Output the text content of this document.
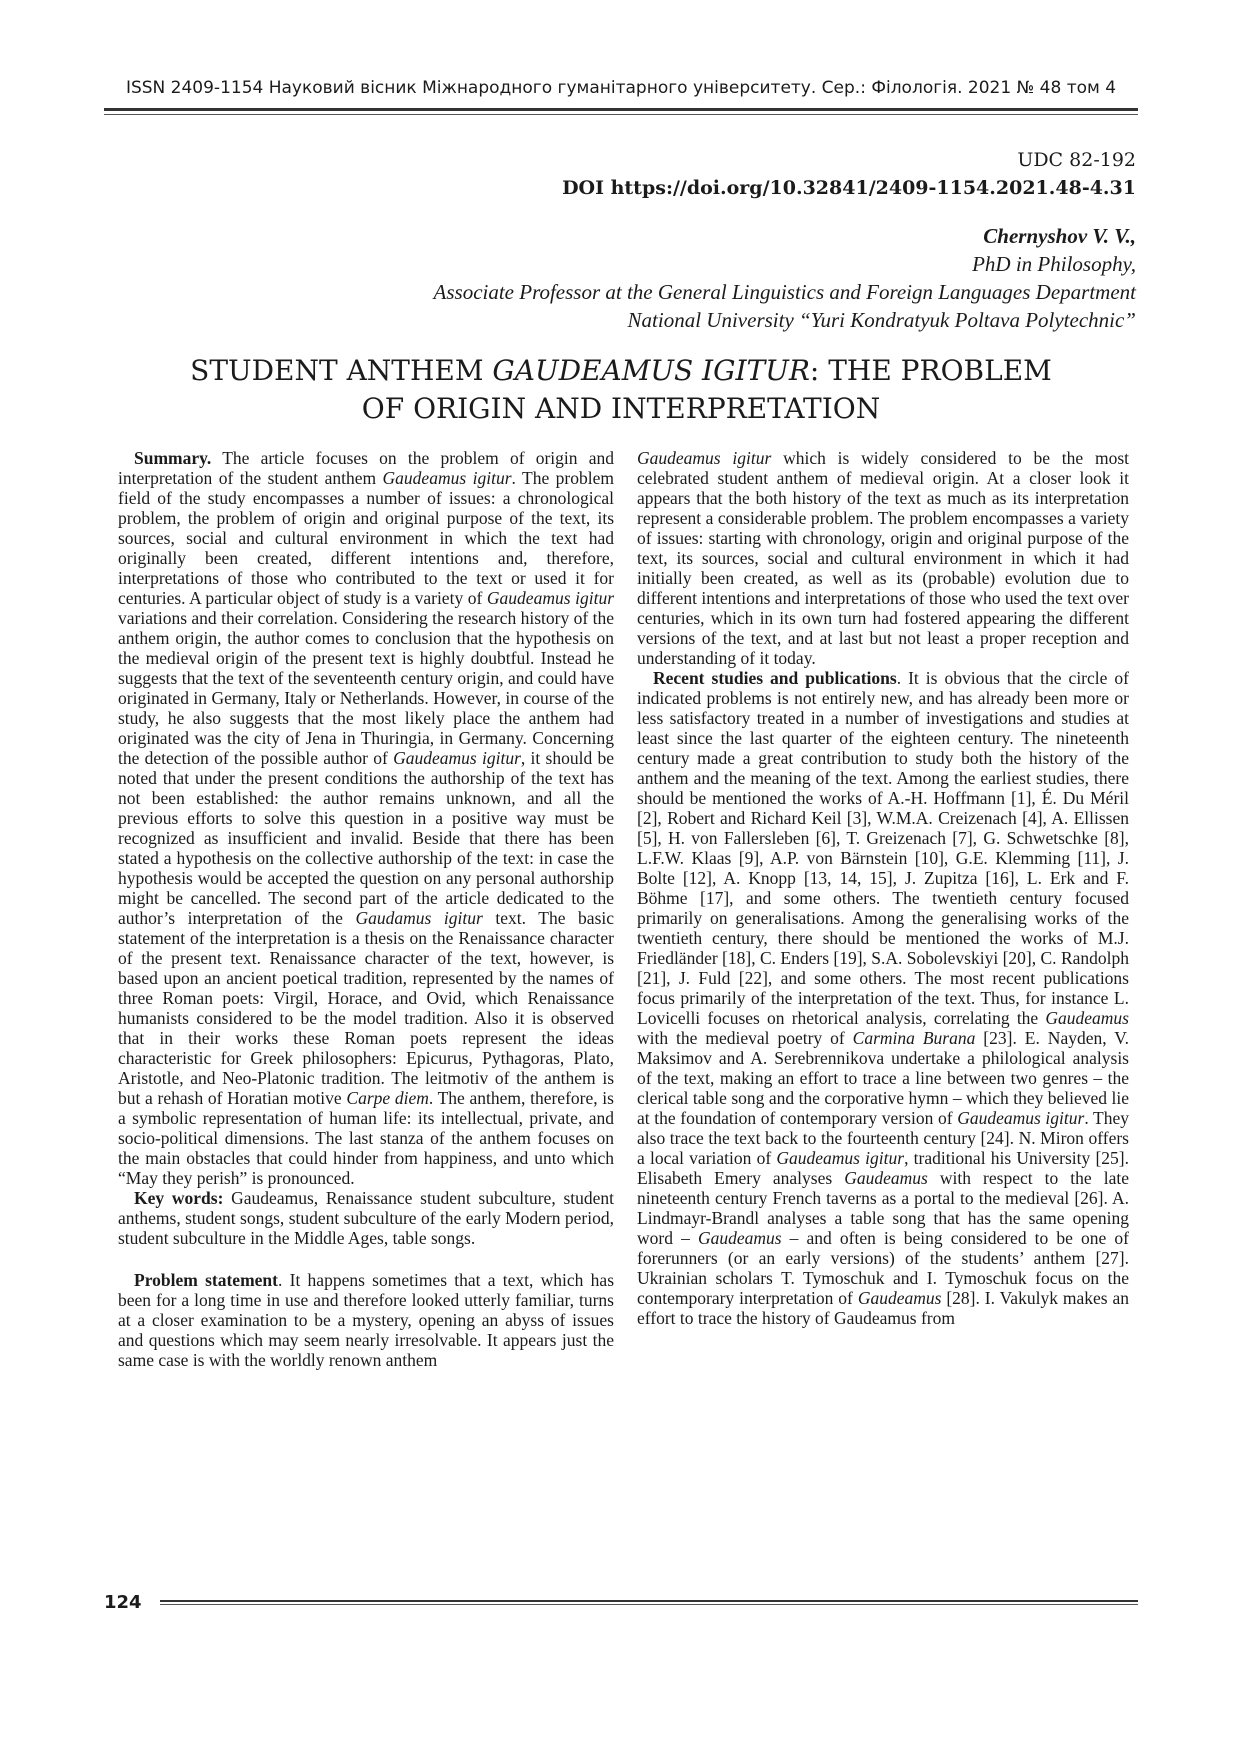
ISSN 2409-1154 Науковий вісник Міжнародного гуманітарного університету. Сер.: Філологія. 2021 № 48 том 4
UDC 82-192
DOI https://doi.org/10.32841/2409-1154.2021.48-4.31
Chernyshov V. V.,
PhD in Philosophy,
Associate Professor at the General Linguistics and Foreign Languages Department
National University “Yuri Kondratyuk Poltava Polytechnic”
STUDENT ANTHEM GAUDEAMUS IGITUR: THE PROBLEM
OF ORIGIN AND INTERPRETATION

Summary. The article focuses on the problem of origin and interpretation of the student anthem Gaudeamus igitur. The problem field of the study encompasses a number of issues: a chronological problem, the problem of origin and original purpose of the text, its sources, social and cultural environment in which the text had originally been created, different intentions and, therefore, interpretations of those who contributed to the text or used it for centuries. A particular object of study is a variety of Gaudeamus igitur variations and their correlation. Considering the research history of the anthem origin, the author comes to conclusion that the hypothesis on the medieval origin of the present text is highly doubtful. Instead he suggests that the text of the seventeenth century origin, and could have originated in Germany, Italy or Netherlands. However, in course of the study, he also suggests that the most likely place the anthem had originated was the city of Jena in Thuringia, in Germany. Concerning the detection of the possible author of Gaudeamus igitur, it should be noted that under the present conditions the authorship of the text has not been established: the author remains unknown, and all the previous efforts to solve this question in a positive way must be recognized as insufficient and invalid. Beside that there has been stated a hypothesis on the collective authorship of the text: in case the hypothesis would be accepted the question on any personal authorship might be cancelled. The second part of the article dedicated to the author’s interpretation of the Gaudamus igitur text. The basic statement of the interpretation is a thesis on the Renaissance character of the present text. Renaissance character of the text, however, is based upon an ancient poetical tradition, represented by the names of three Roman poets: Virgil, Horace, and Ovid, which Renaissance humanists considered to be the model tradition. Also it is observed that in their works these Roman poets represent the ideas characteristic for Greek philosophers: Epicurus, Pythagoras, Plato, Aristotle, and Neo-Platonic tradition. The leitmotiv of the anthem is but a rehash of Horatian motive Carpe diem. The anthem, therefore, is a symbolic representation of human life: its intellectual, private, and socio-political dimensions. The last stanza of the anthem focuses on the main obstacles that could hinder from happiness, and unto which “May they perish” is pronounced.

Key words: Gaudeamus, Renaissance student subculture, student anthems, student songs, student subculture of the early Modern period, student subculture in the Middle Ages, table songs.

Problem statement. It happens sometimes that a text, which has been for a long time in use and therefore looked utterly familiar, turns at a closer examination to be a mystery, opening an abyss of issues and questions which may seem nearly irresolvable. It appears just the same case is with the worldly renown anthem

Gaudeamus igitur which is widely considered to be the most celebrated student anthem of medieval origin. At a closer look it appears that the both history of the text as much as its interpretation represent a considerable problem. The problem encompasses a variety of issues: starting with chronology, origin and original purpose of the text, its sources, social and cultural environment in which it had initially been created, as well as its (probable) evolution due to different intentions and interpretations of those who used the text over centuries, which in its own turn had fostered appearing the different versions of the text, and at last but not least a proper reception and understanding of it today.

Recent studies and publications. It is obvious that the circle of indicated problems is not entirely new, and has already been more or less satisfactory treated in a number of investigations and studies at least since the last quarter of the eighteen century. The nineteenth century made a great contribution to study both the history of the anthem and the meaning of the text. Among the earliest studies, there should be mentioned the works of A.-H. Hoffmann [1], É. Du Méril [2], Robert and Richard Keil [3], W.M.A. Creizenach [4], A. Ellissen [5], H. von Fallersleben [6], T. Greizenach [7], G. Schwetschke [8], L.F.W. Klaas [9], A.P. von Bärnstein [10], G.E. Klemming [11], J. Bolte [12], A. Knopp [13, 14, 15], J. Zupitza [16], L. Erk and F. Böhme [17], and some others. The twentieth century focused primarily on generalisations. Among the generalising works of the twentieth century, there should be mentioned the works of M.J. Friedländer [18], C. Enders [19], S.A. Sobolevskiyi [20], C. Randolph [21], J. Fuld [22], and some others. The most recent publications focus primarily of the interpretation of the text. Thus, for instance L. Lovicelli focuses on rhetorical analysis, correlating the Gaudeamus with the medieval poetry of Carmina Burana [23]. E. Nayden, V. Maksimov and A. Serebrennikova undertake a philological analysis of the text, making an effort to trace a line between two genres – the clerical table song and the corporative hymn – which they believed lie at the foundation of contemporary version of Gaudeamus igitur. They also trace the text back to the fourteenth century [24]. N. Miron offers a local variation of Gaudeamus igitur, traditional his University [25]. Elisabeth Emery analyses Gaudeamus with respect to the late nineteenth century French taverns as a portal to the medieval [26]. A. Lindmayr-Brandl analyses a table song that has the same opening word – Gaudeamus – and often is being considered to be one of forerunners (or an early versions) of the students’ anthem [27]. Ukrainian scholars T. Tymoschuk and I. Tymoschuk focus on the contemporary interpretation of Gaudeamus [28]. I. Vakulyk makes an effort to trace the history of Gaudeamus from

124
